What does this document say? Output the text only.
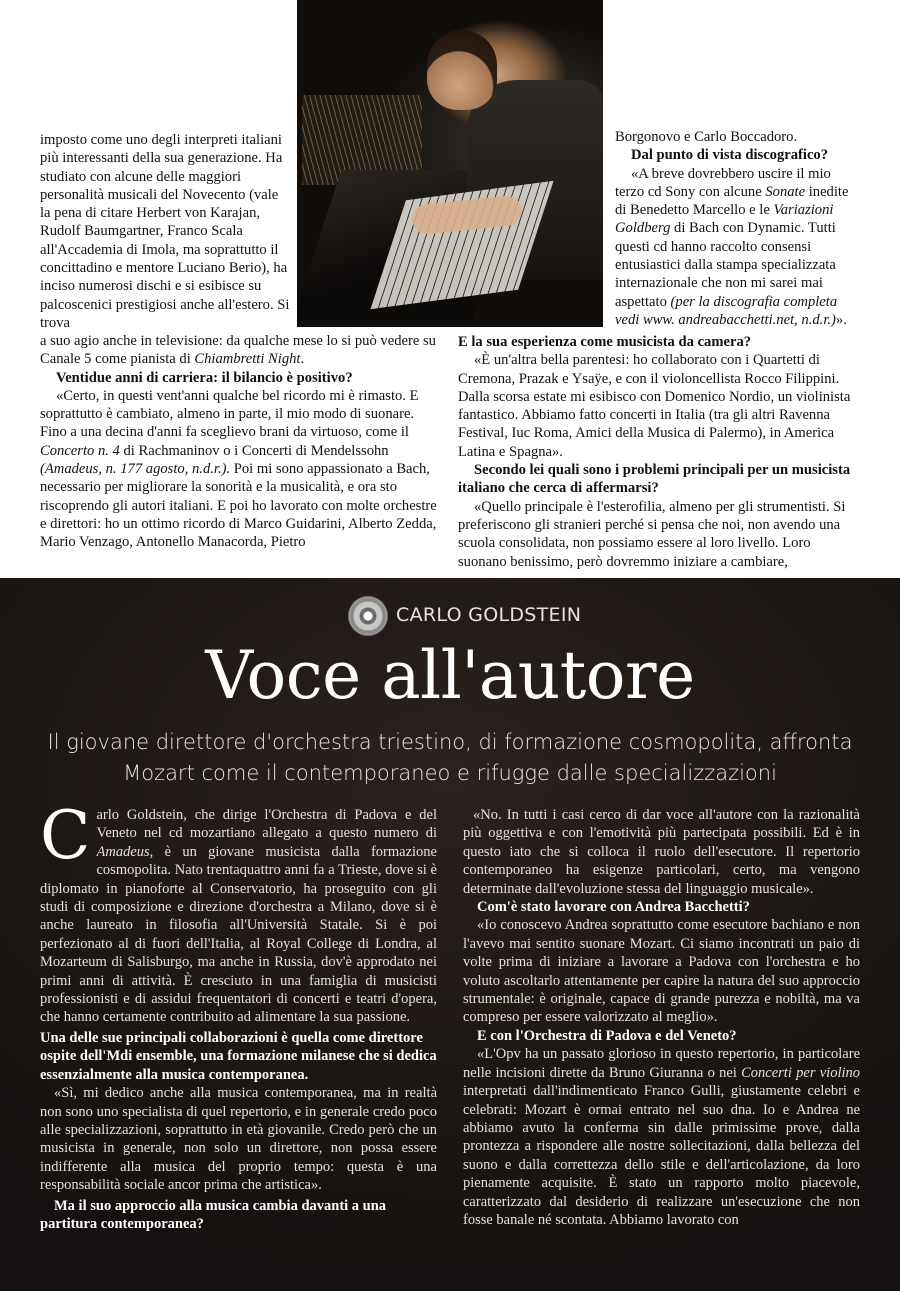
imposto come uno degli interpreti italiani più interessanti della sua generazione. Ha studiato con alcune delle maggiori personalità musicali del Novecento (vale la pena di citare Herbert von Karajan, Rudolf Baumgartner, Franco Scala all'Accademia di Imola, ma soprattutto il concittadino e mentore Luciano Berio), ha inciso numerosi dischi e si esibisce su palcoscenici prestigiosi anche all'estero. Si trova

a suo agio anche in televisione: da qualche mese lo si può vedere su Canale 5 come pianista di Chiambretti Night.

Ventidue anni di carriera: il bilancio è positivo?

«Certo, in questi vent'anni qualche bel ricordo mi è rimasto. E soprattutto è cambiato, almeno in parte, il mio modo di suonare. Fino a una decina d'anni fa sceglievo brani da virtuoso, come il Concerto n. 4 di Rachmaninov o i Concerti di Mendelssohn (Amadeus, n. 177 agosto, n.d.r.). Poi mi sono appassionato a Bach, necessario per migliorare la sonorità e la musicalità, e ora sto riscoprendo gli autori italiani. E poi ho lavorato con molte orchestre e direttori: ho un ottimo ricordo di Marco Guidarini, Alberto Zedda, Mario Venzago, Antonello Manacorda, Pietro

Borgonovo e Carlo Boccadoro.

Dal punto di vista discografico?

«A breve dovrebbero uscire il mio terzo cd Sony con alcune Sonate inedite di Benedetto Marcello e le Variazioni Goldberg di Bach con Dynamic. Tutti questi cd hanno raccolto consensi entusiastici dalla stampa specializzata internazionale che non mi sarei mai aspettato (per la discografia completa vedi www. andreabacchetti.net, n.d.r.)».

E la sua esperienza come musicista da camera?

«È un'altra bella parentesi: ho collaborato con i Quartetti di Cremona, Prazak e Ysaÿe, e con il violoncellista Rocco Filippini. Dalla scorsa estate mi esibisco con Domenico Nordio, un violinista fantastico. Abbiamo fatto concerti in Italia (tra gli altri Ravenna Festival, Iuc Roma, Amici della Musica di Palermo), in America Latina e Spagna».

Secondo lei quali sono i problemi principali per un musicista italiano che cerca di affermarsi?

«Quello principale è l'esterofilia, almeno per gli strumentisti. Si preferiscono gli stranieri perché si pensa che noi, non avendo una scuola consolidata, non possiamo essere al loro livello. Loro suonano benissimo, però dovremmo iniziare a cambiare,

CARLO GOLDSTEIN
Voce all'autore
Il giovane direttore d'orchestra triestino, di formazione cosmopolita, affronta Mozart come il contemporaneo e rifugge dalle specializzazioni

Carlo Goldstein, che dirige l'Orchestra di Padova e del Veneto nel cd mozartiano allegato a questo numero di Amadeus, è un giovane musicista dalla formazione cosmopolita. Nato trentaquattro anni fa a Trieste, dove si è diplomato in pianoforte al Conservatorio, ha proseguito con gli studi di composizione e direzione d'orchestra a Milano, dove si è anche laureato in filosofia all'Università Statale. Si è poi perfezionato al di fuori dell'Italia, al Royal College di Londra, al Mozarteum di Salisburgo, ma anche in Russia, dov'è approdato nei primi anni di attività. È cresciuto in una famiglia di musicisti professionisti e di assidui frequentatori di concerti e teatri d'opera, che hanno certamente contribuito ad alimentare la sua passione.

Una delle sue principali collaborazioni è quella come direttore ospite dell'Mdi ensemble, una formazione milanese che si dedica essenzialmente alla musica contemporanea.

«Sì, mi dedico anche alla musica contemporanea, ma in realtà non sono uno specialista di quel repertorio, e in generale credo poco alle specializzazioni, soprattutto in età giovanile. Credo però che un musicista in generale, non solo un direttore, non possa essere indifferente alla musica del proprio tempo: questa è una responsabilità sociale ancor prima che artistica».

Ma il suo approccio alla musica cambia davanti a una partitura contemporanea?

«No. In tutti i casi cerco di dar voce all'autore con la razionalità più oggettiva e con l'emotività più partecipata possibili. Ed è in questo iato che si colloca il ruolo dell'esecutore. Il repertorio contemporaneo ha esigenze particolari, certo, ma vengono determinate dall'evoluzione stessa del linguaggio musicale».

Com'è stato lavorare con Andrea Bacchetti?

«Io conoscevo Andrea soprattutto come esecutore bachiano e non l'avevo mai sentito suonare Mozart. Ci siamo incontrati un paio di volte prima di iniziare a lavorare a Padova con l'orchestra e ho voluto ascoltarlo attentamente per capire la natura del suo approccio strumentale: è originale, capace di grande purezza e nobiltà, ma va compreso per essere valorizzato al meglio».

E con l'Orchestra di Padova e del Veneto?

«L'Opv ha un passato glorioso in questo repertorio, in particolare nelle incisioni dirette da Bruno Giuranna o nei Concerti per violino interpretati dall'indimenticato Franco Gulli, giustamente celebri e celebrati: Mozart è ormai entrato nel suo dna. Io e Andrea ne abbiamo avuto la conferma sin dalle primissime prove, dalla prontezza a rispondere alle nostre sollecitazioni, dalla bellezza del suono e dalla correttezza dello stile e dell'articolazione, da loro pienamente acquisite. È stato un rapporto molto piacevole, caratterizzato dal desiderio di realizzare un'esecuzione che non fosse banale né scontata. Abbiamo lavorato con
